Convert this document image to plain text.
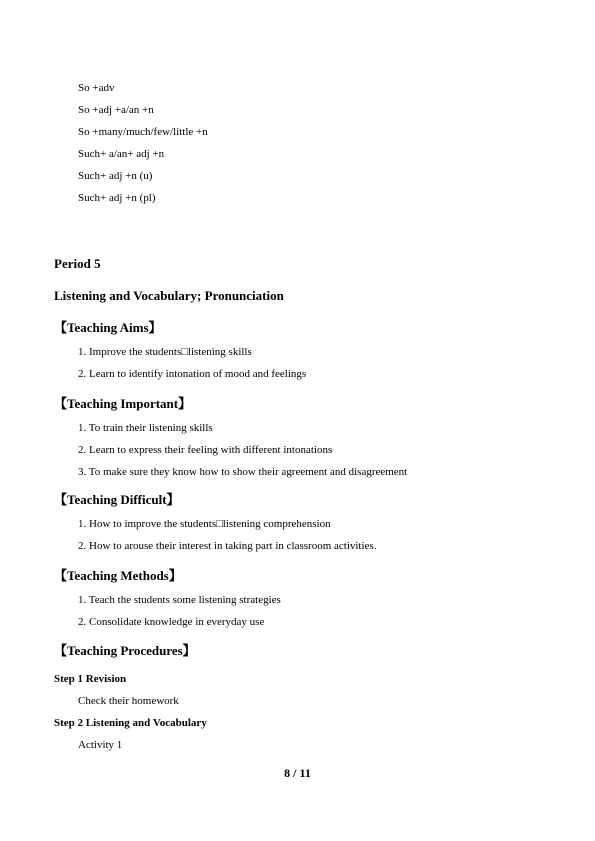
So +adv
So +adj +a/an +n
So +many/much/few/little +n
Such+ a/an+ adj +n
Such+ adj +n (u)
Such+ adj +n (pl)
Period 5
Listening and Vocabulary; Pronunciation
【Teaching Aims】
1. Improve the students□listening skills
2. Learn to identify intonation of mood and feelings
【Teaching Important】
1. To train their listening skills
2. Learn to express their feeling with different intonations
3. To make sure they know how to show their agreement and disagreement
【Teaching Difficult】
1. How to improve the students□listening comprehension
2. How to arouse their interest in taking part in classroom activities.
【Teaching Methods】
1. Teach the students some listening strategies
2. Consolidate knowledge in everyday use
【Teaching Procedures】

Step 1 Revision

Check their homework

Step 2 Listening and Vocabulary

Activity 1

8 / 11
